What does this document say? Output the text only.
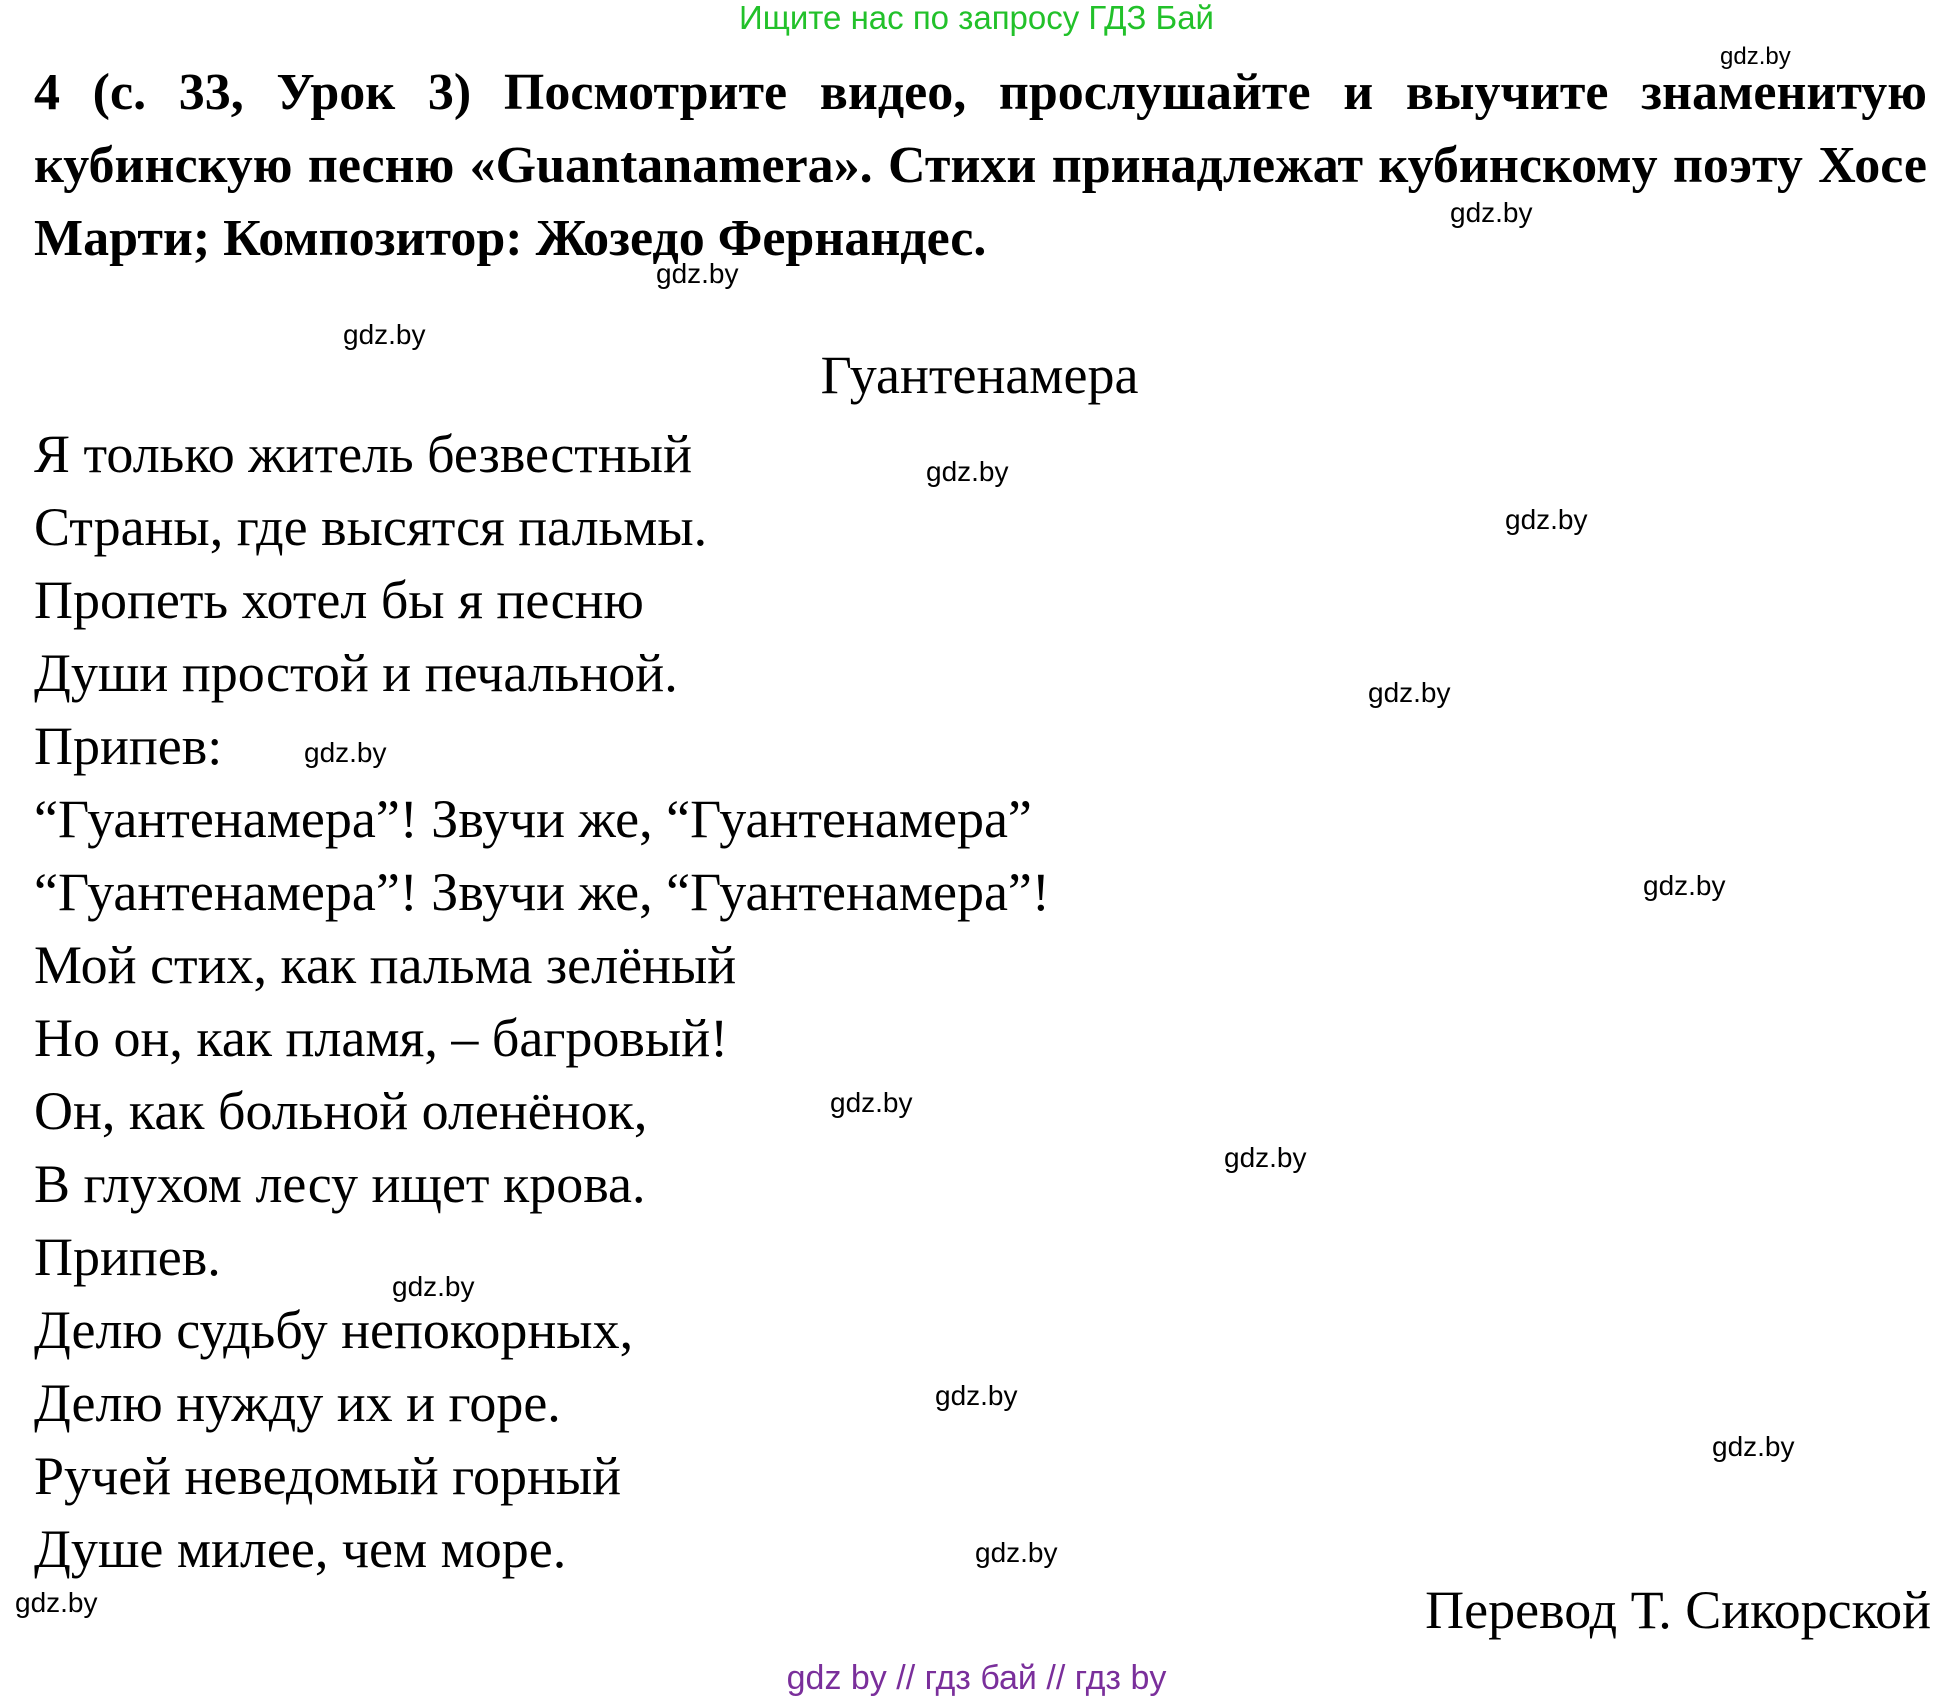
Ищите нас по запросу ГДЗ Бай
4 (с. 33, Урок 3) Посмотрите видео, прослушайте и выучите знаменитую кубинскую песню «Guantanamera». Стихи принадлежат кубинскому поэту Хосе Марти; Композитор: Жозедо Фернандес.
Гуантенамера
Я только житель безвестный
Страны, где высятся пальмы.
Пропеть хотел бы я песню
Души простой и печальной.
Припев:
“Гуантенамера”! Звучи же, “Гуантенамера”
“Гуантенамера”! Звучи же, “Гуантенамера”!
Мой стих, как пальма зелёный
Но он, как пламя, – багровый!
Он, как больной оленёнок,
В глухом лесу ищет крова.
Припев.
Делю судьбу непокорных,
Делю нужду их и горе.
Ручей неведомый горный
Душе милее, чем море.
Перевод Т. Сикорской
gdz.by
gdz.by
gdz.by
gdz.by
gdz.by
gdz.by
gdz.by
gdz.by
gdz.by
gdz.by
gdz.by
gdz.by
gdz.by
gdz.by
gdz.by
gdz.by
gdz by // гдз бай // гдз by
